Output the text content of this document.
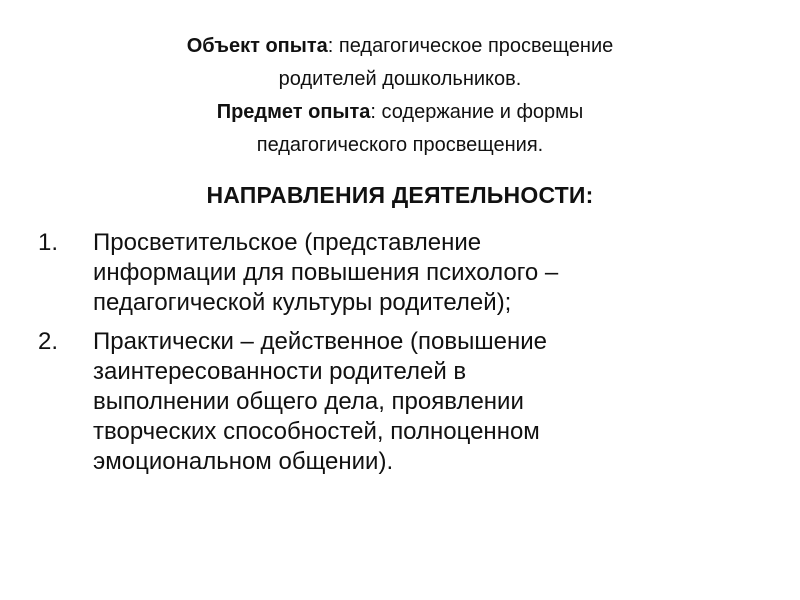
Объект опыта: педагогическое просвещение
родителей дошкольников.
Предмет опыта: содержание и формы
педагогического просвещения.
НАПРАВЛЕНИЯ ДЕЯТЕЛЬНОСТИ:
1. Просветительское (представление
информации для повышения психолого –
педагогической культуры родителей);
2. Практически – действенное (повышение
заинтересованности родителей в
выполнении общего дела, проявлении
творческих способностей, полноценном
эмоциональном общении).
